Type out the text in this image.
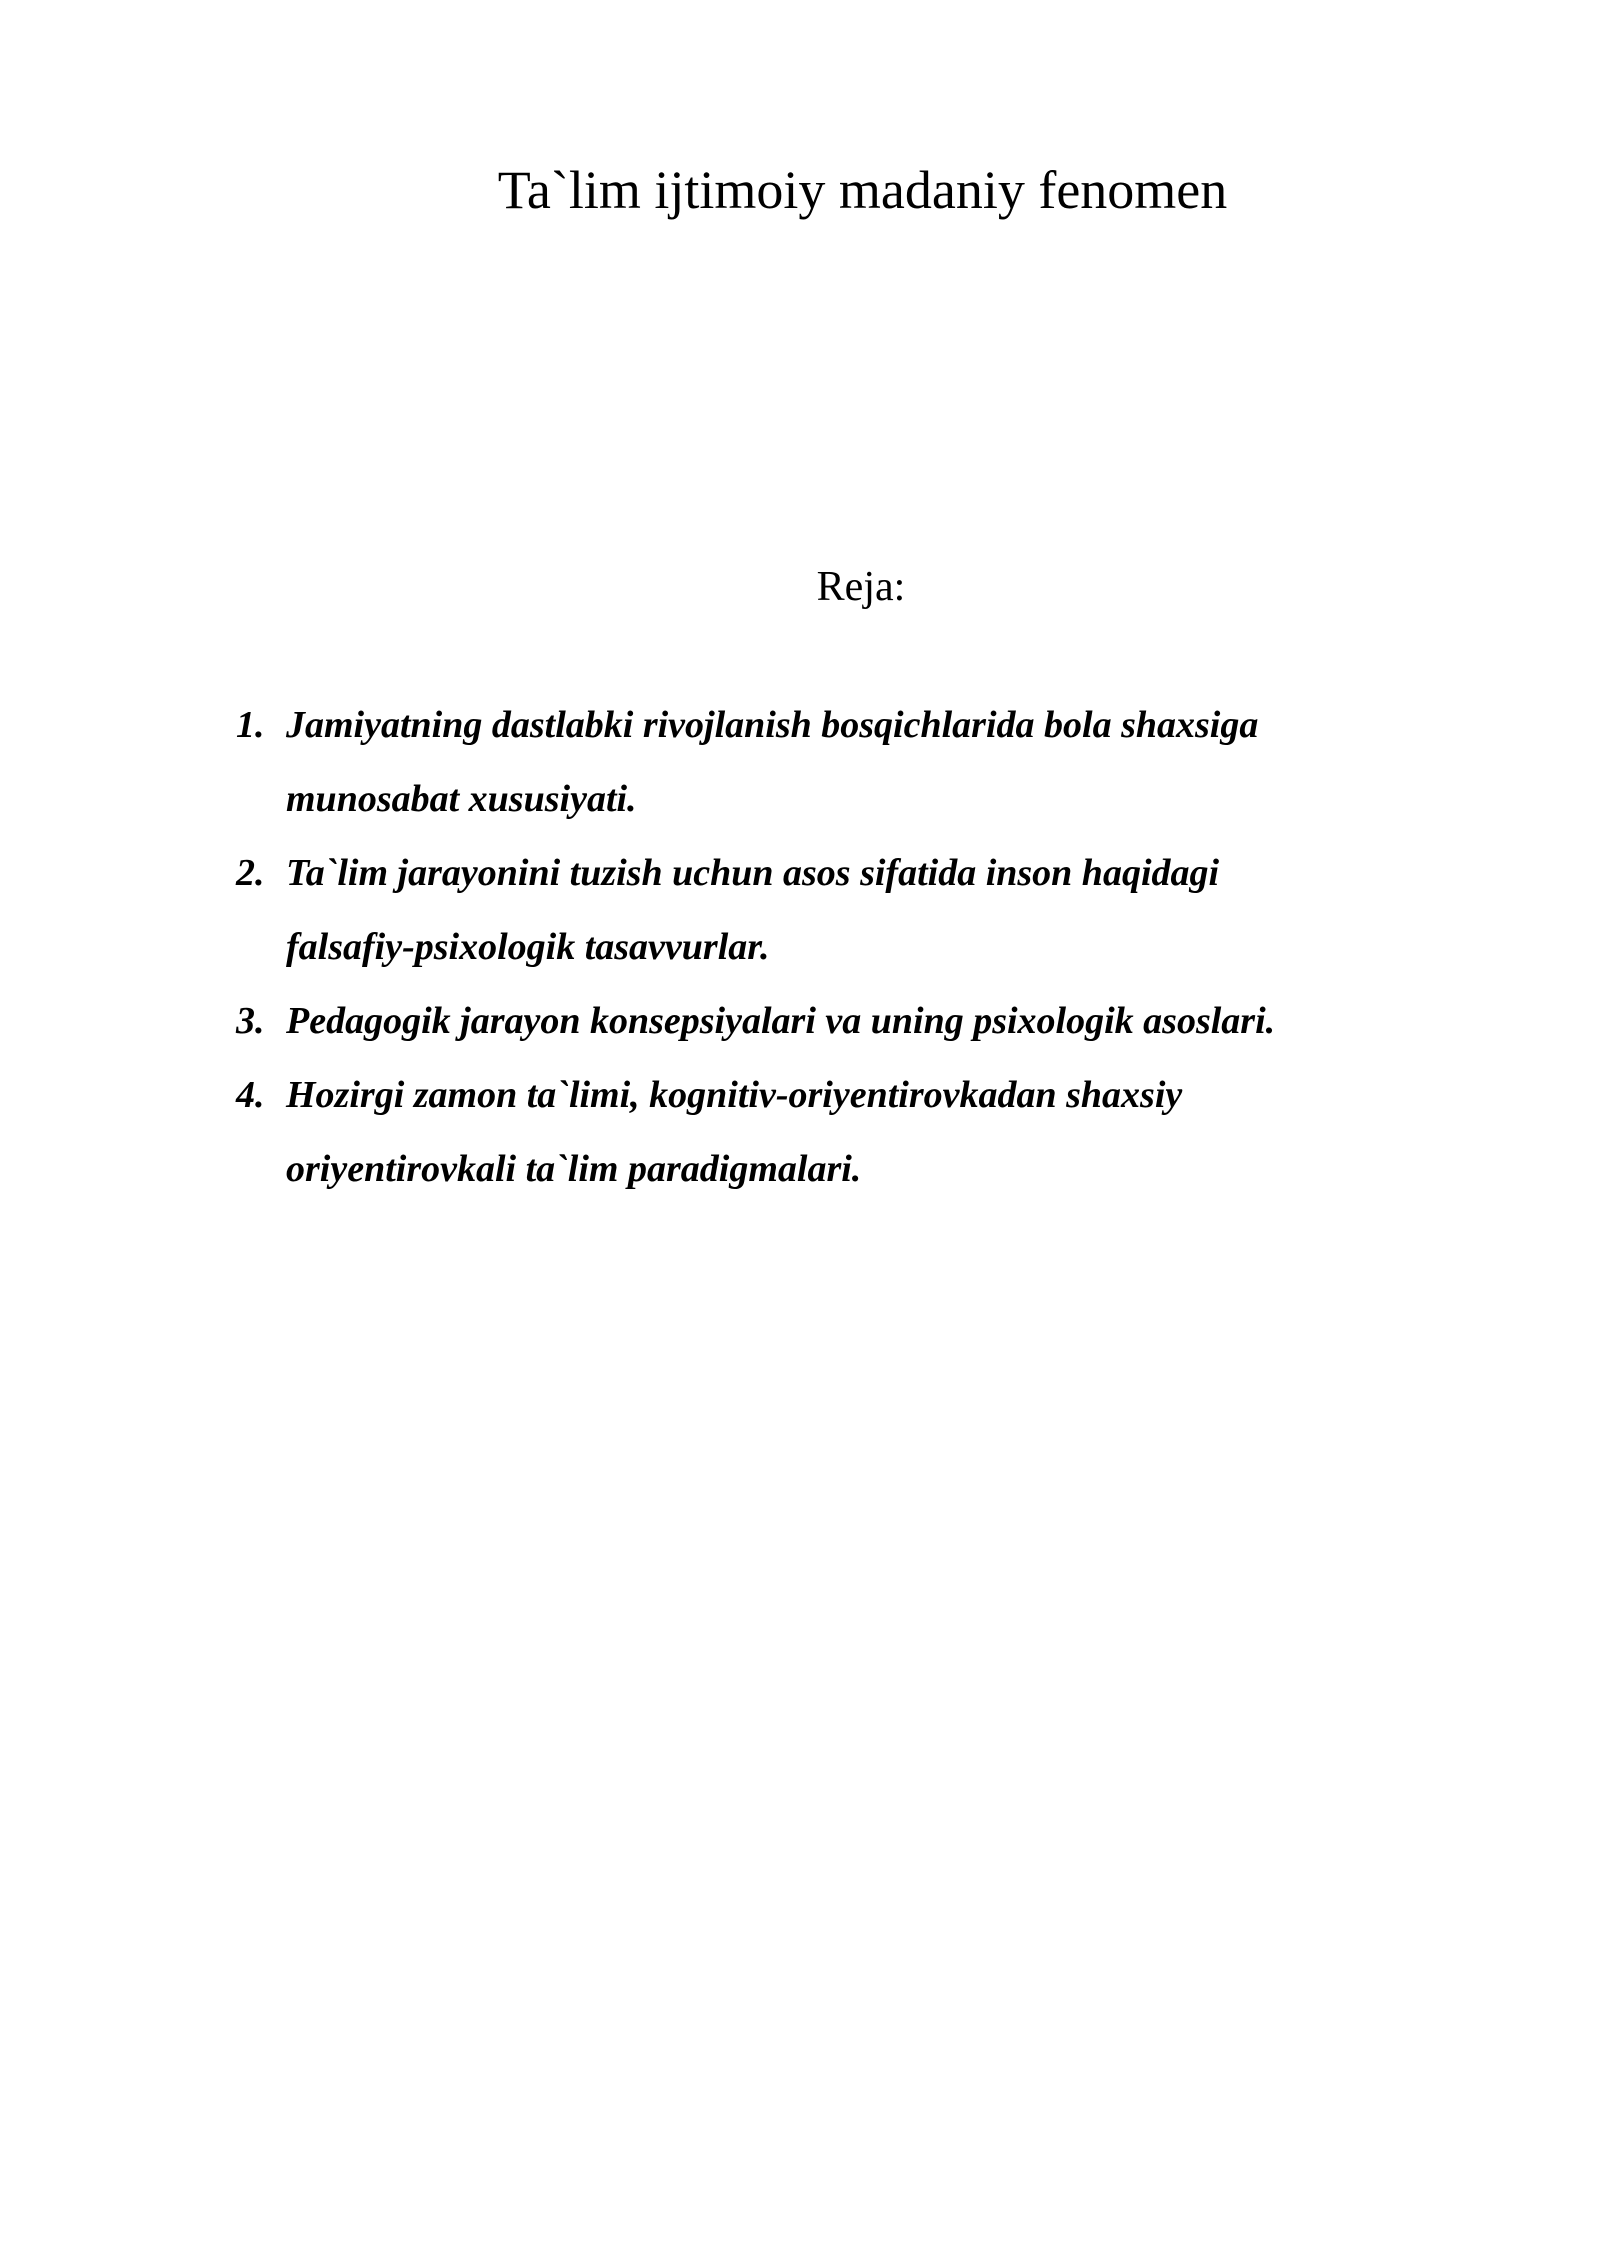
Ta`lim ijtimoiy madaniy fenomen
Reja:
1. Jamiyatning dastlabki rivojlanish bosqichlarida bola shaxsiga
munosabat xususiyati.
2. Ta`lim jarayonini tuzish uchun asos sifatida inson haqidagi
falsafiy-psixologik tasavvurlar.
3. Pedagogik jarayon konsepsiyalari va uning psixologik asoslari.
4. Hozirgi zamon ta`limi, kognitiv-oriyentirovkadan shaxsiy
oriyentirovkali ta`lim paradigmalari.
